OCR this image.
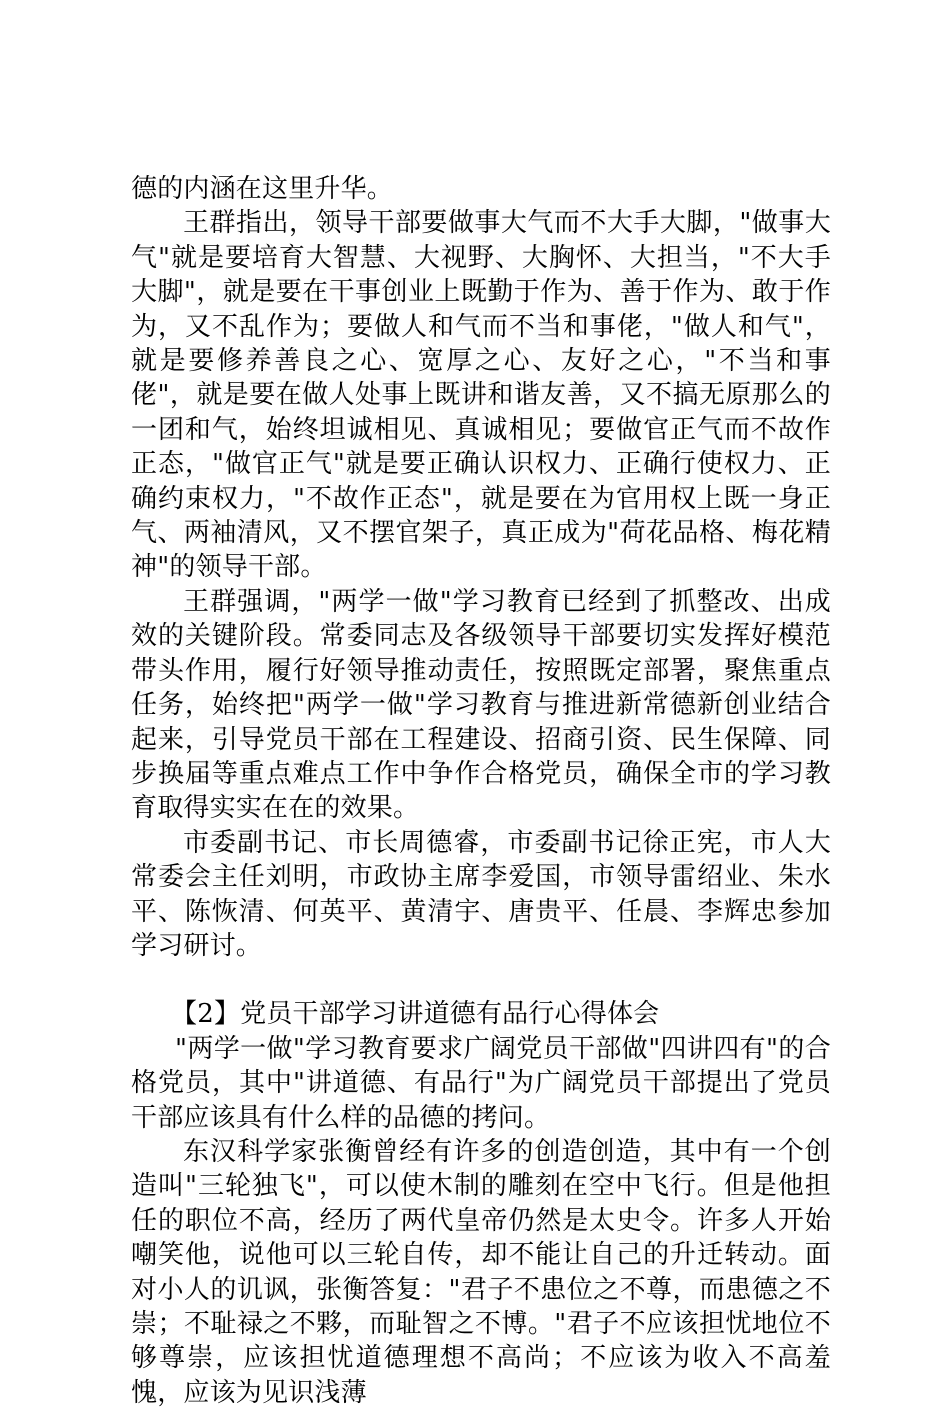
德的内涵在这里升华。

王群指出，领导干部要做事大气而不大手大脚，"做事大气"就是要培育大智慧、大视野、大胸怀、大担当，"不大手大脚"，就是要在干事创业上既勤于作为、善于作为、敢于作为，又不乱作为；要做人和气而不当和事佬，"做人和气"，就是要修养善良之心、宽厚之心、友好之心，"不当和事佬"，就是要在做人处事上既讲和谐友善，又不搞无原那么的一团和气，始终坦诚相见、真诚相见；要做官正气而不故作正态，"做官正气"就是要正确认识权力、正确行使权力、正确约束权力，"不故作正态"，就是要在为官用权上既一身正气、两袖清风，又不摆官架子，真正成为"荷花品格、梅花精神"的领导干部。

王群强调，"两学一做"学习教育已经到了抓整改、出成效的关键阶段。常委同志及各级领导干部要切实发挥好模范带头作用，履行好领导推动责任，按照既定部署，聚焦重点任务，始终把"两学一做"学习教育与推进新常德新创业结合起来，引导党员干部在工程建设、招商引资、民生保障、同步换届等重点难点工作中争作合格党员，确保全市的学习教育取得实实在在的效果。

市委副书记、市长周德睿，市委副书记徐正宪，市人大常委会主任刘明，市政协主席李爱国，市领导雷绍业、朱水平、陈恢清、何英平、黄清宇、唐贵平、任晨、李辉忠参加学习研讨。

【2】党员干部学习讲道德有品行心得体会

"两学一做"学习教育要求广阔党员干部做"四讲四有"的合格党员，其中"讲道德、有品行"为广阔党员干部提出了党员干部应该具有什么样的品德的拷问。

东汉科学家张衡曾经有许多的创造创造，其中有一个创造叫"三轮独飞"，可以使木制的雕刻在空中飞行。但是他担任的职位不高，经历了两代皇帝仍然是太史令。许多人开始嘲笑他，说他可以三轮自传，却不能让自己的升迁转动。面对小人的讥讽，张衡答复："君子不患位之不尊，而患德之不崇；不耻禄之不夥，而耻智之不博。"君子不应该担忧地位不够尊崇，应该担忧道德理想不高尚；不应该为收入不高羞愧，应该为见识浅薄
